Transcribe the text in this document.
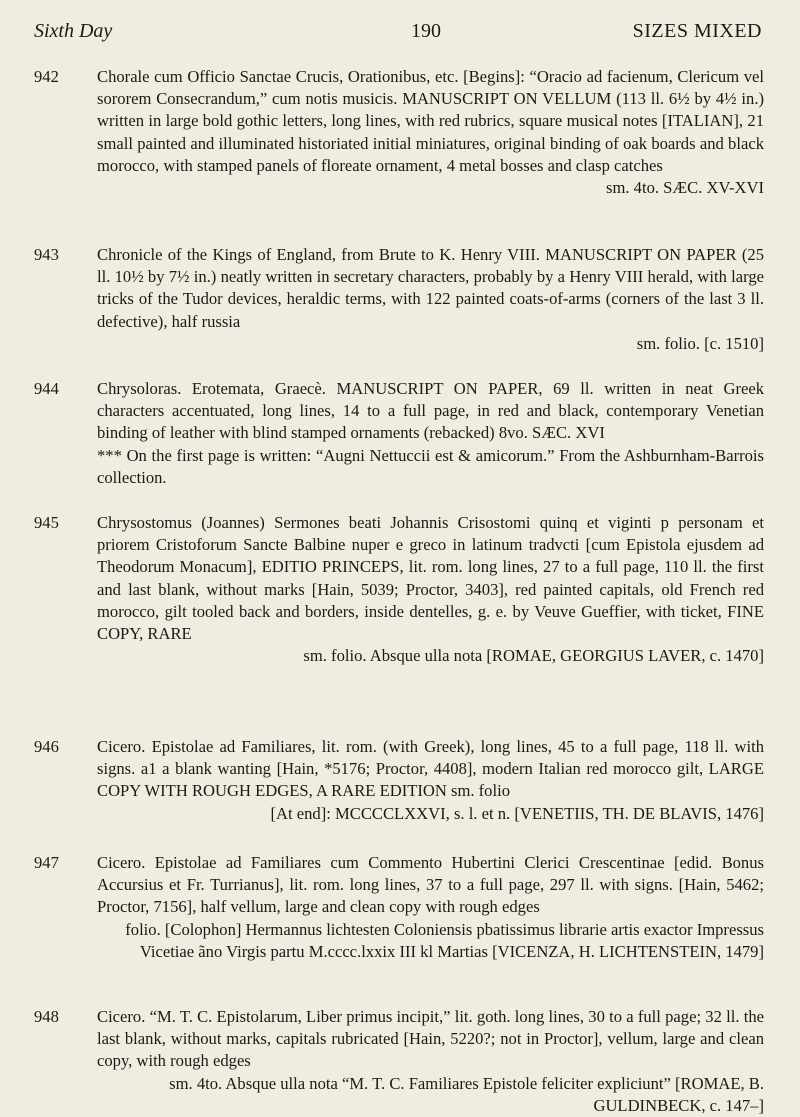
Sixth Day	190	SIZES MIXED
942	Chorale cum Officio Sanctae Crucis, Orationibus, etc. [Begins]: “Oracio ad facienum, Clericum vel sororem Consecrandum,” cum notis musicis. MANUSCRIPT ON VELLUM (113 ll. 6½ by 4½ in.) written in large bold gothic letters, long lines, with red rubrics, square musical notes [ITALIAN], 21 small painted and illuminated historiated initial miniatures, original binding of oak boards and black morocco, with stamped panels of floreate ornament, 4 metal bosses and clasp catches

sm. 4to. SÆC. XV-XVI

943	Chronicle of the Kings of England, from Brute to K. Henry VIII. MANUSCRIPT ON PAPER (25 ll. 10½ by 7½ in.) neatly written in secretary characters, probably by a Henry VIII herald, with large tricks of the Tudor devices, heraldic terms, with 122 painted coats-of-arms (corners of the last 3 ll. defective), half russia

sm. folio. [c. 1510]

944	Chrysoloras. Erotemata, Graecè. MANUSCRIPT ON PAPER, 69 ll. written in neat Greek characters accentuated, long lines, 14 to a full page, in red and black, contemporary Venetian binding of leather with blind stamped ornaments (rebacked) 8vo. SÆC. XVI

*** On the first page is written: “Augni Nettuccii est & amicorum.” From the Ashburnham-Barrois collection.

945	Chrysostomus (Joannes) Sermones beati Johannis Crisostomi quinq et viginti p personam et priorem Cristoforum Sancte Balbine nuper e greco in latinum tradvcti [cum Epistola ejusdem ad Theodorum Monacum], EDITIO PRINCEPS, lit. rom. long lines, 27 to a full page, 110 ll. the first and last blank, without marks [Hain, 5039; Proctor, 3403], red painted capitals, old French red morocco, gilt tooled back and borders, inside dentelles, g. e. by Veuve Gueffier, with ticket, FINE COPY, RARE

sm. folio. Absque ulla nota [ROMAE, GEORGIUS LAVER, c. 1470]

946	Cicero. Epistolae ad Familiares, lit. rom. (with Greek), long lines, 45 to a full page, 118 ll. with signs. a1 a blank wanting [Hain, *5176; Proctor, 4408], modern Italian red morocco gilt, LARGE COPY WITH ROUGH EDGES, A RARE EDITION sm. folio

[At end]: MCCCCLXXVI, s. l. et n. [VENETIIS, TH. DE BLAVIS, 1476]

947	Cicero. Epistolae ad Familiares cum Commento Hubertini Clerici Crescentinae [edid. Bonus Accursius et Fr. Turrianus], lit. rom. long lines, 37 to a full page, 297 ll. with signs. [Hain, 5462; Proctor, 7156], half vellum, large and clean copy with rough edges

folio. [Colophon] Hermannus lichtesten Coloniensis pbatissimus librarie artis exactor Impressus Vicetiae ãno Virgis partu M.cccc.lxxix III kl Martias [VICENZA, H. LICHTENSTEIN, 1479]

948	Cicero. “M. T. C. Epistolarum, Liber primus incipit,” lit. goth. long lines, 30 to a full page; 32 ll. the last blank, without marks, capitals rubricated [Hain, 5220?; not in Proctor], vellum, large and clean copy, with rough edges

sm. 4to. Absque ulla nota “M. T. C. Familiares Epistole feliciter expliciunt” [ROMAE, B. GULDINBECK, c. 147–]
